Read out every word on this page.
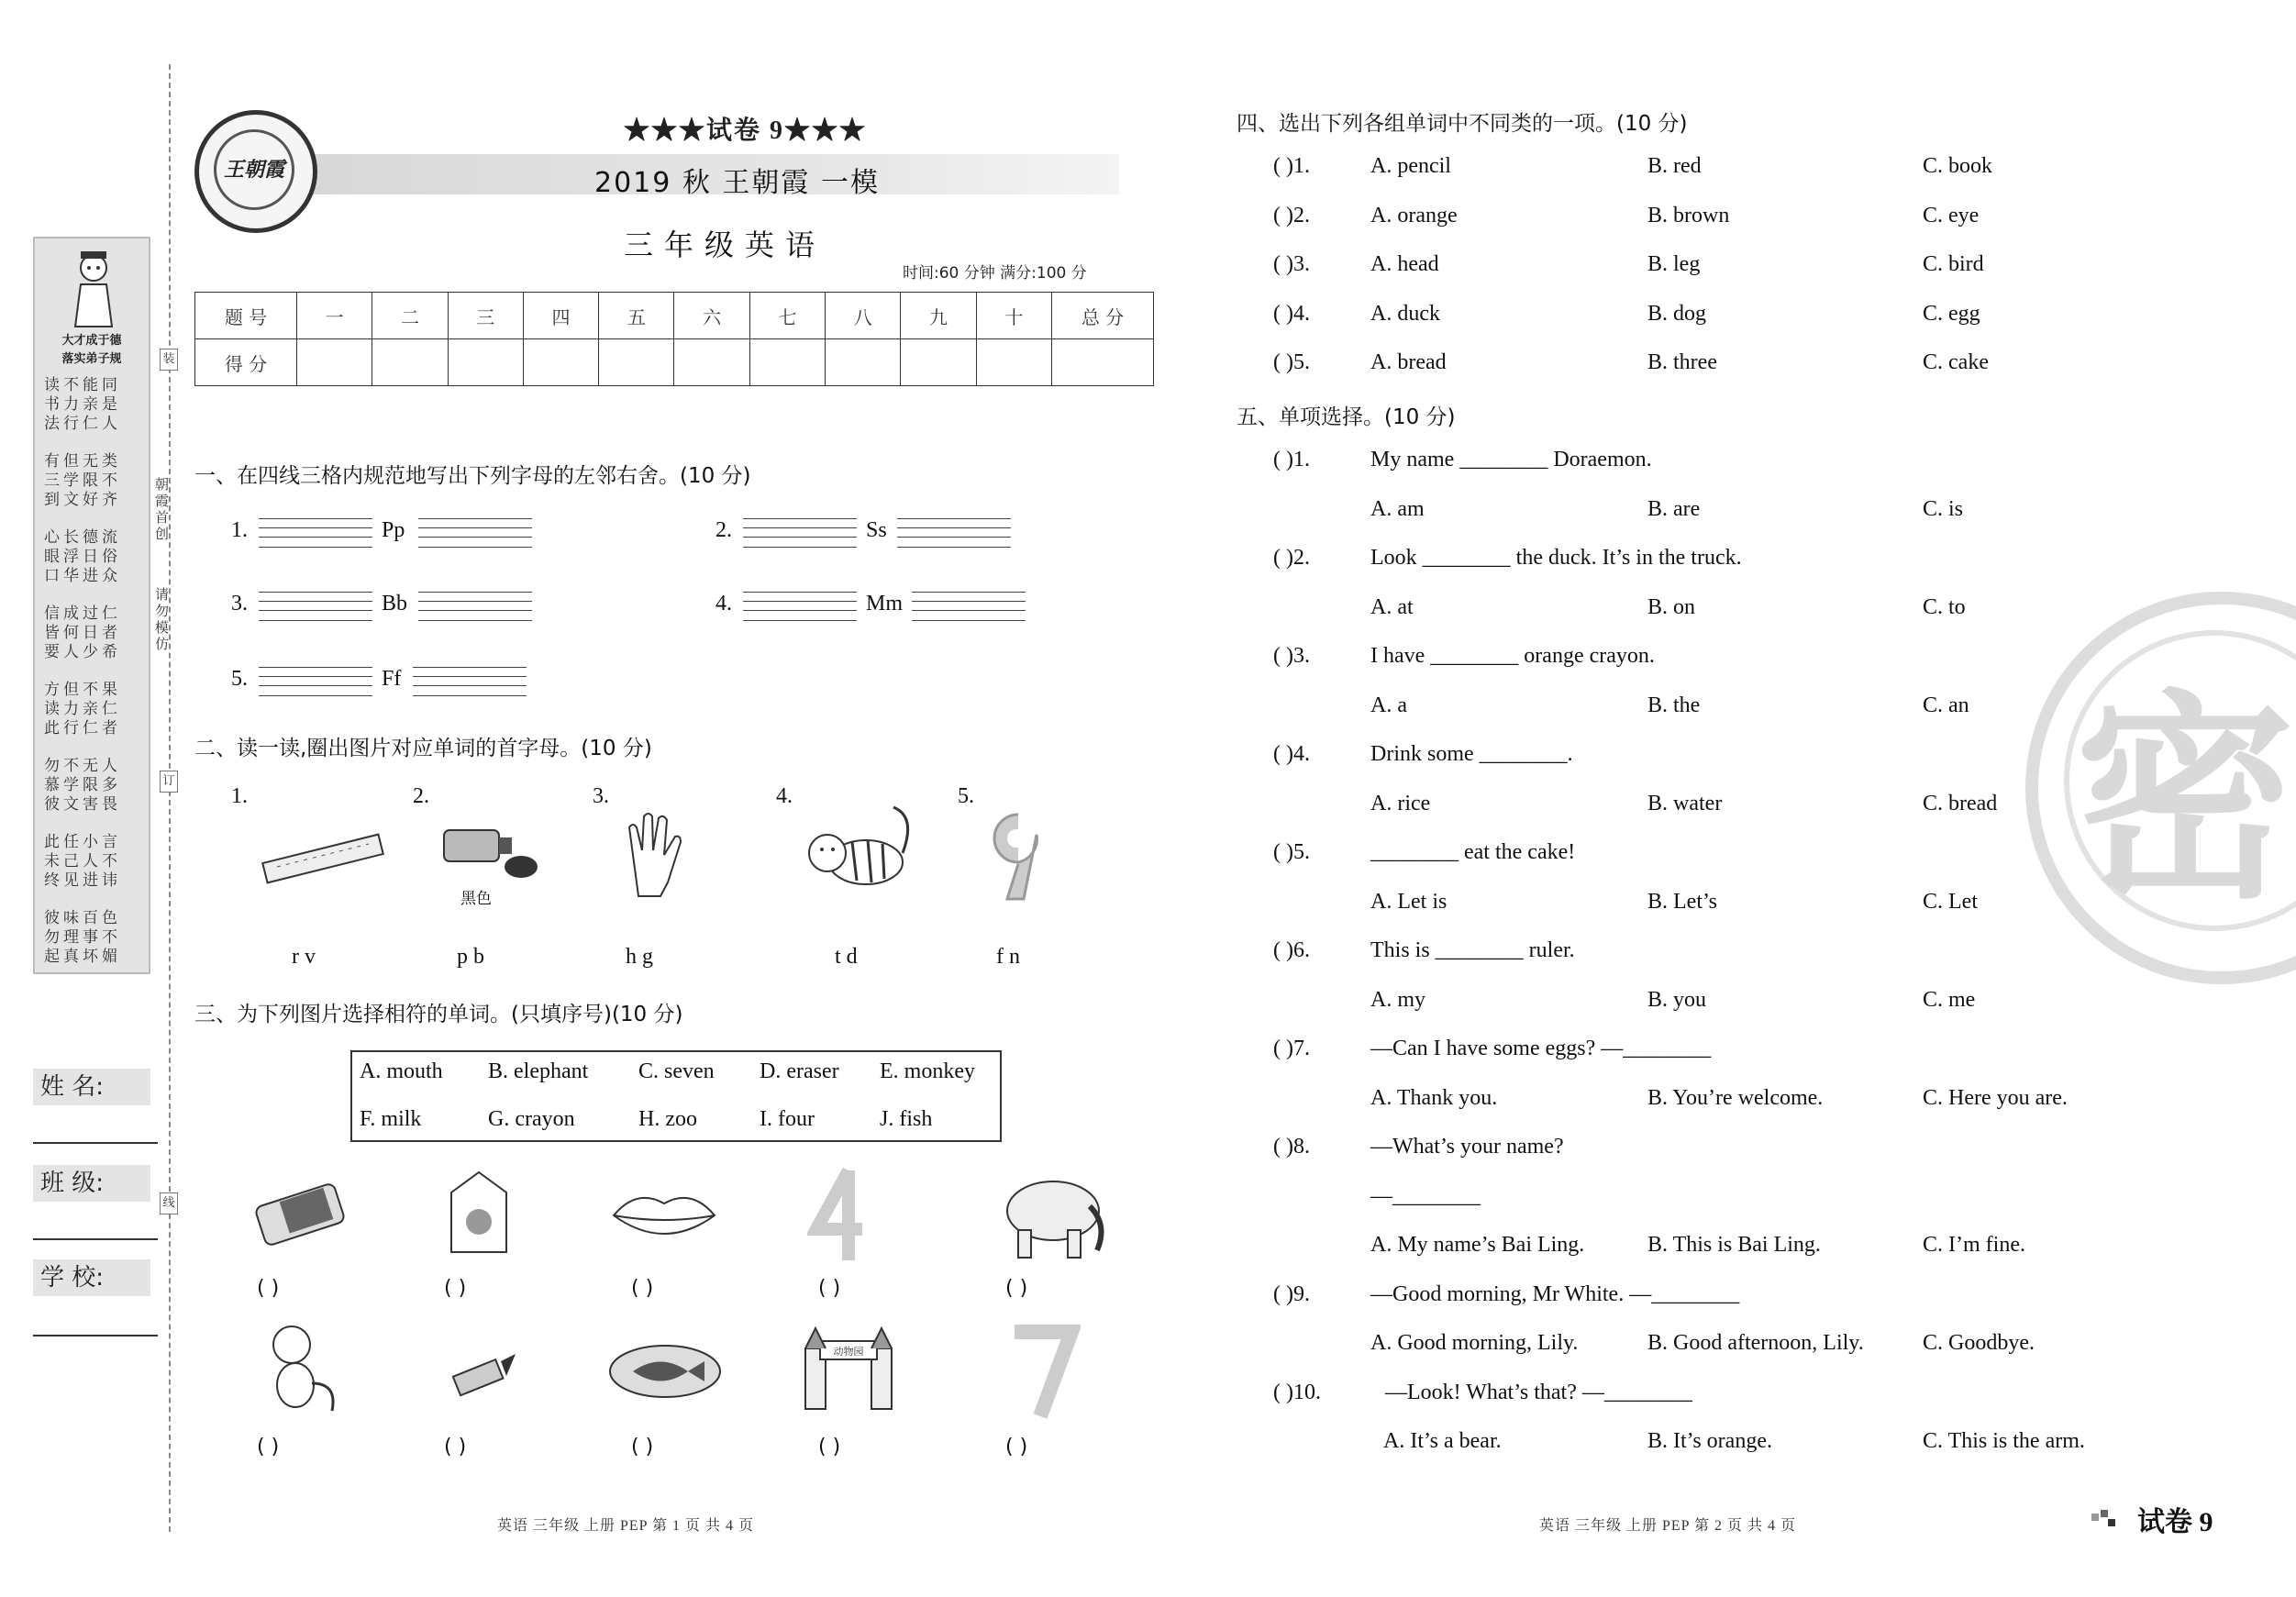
大才成于德
落实弟子规
读不能同
书力亲是
法行仁人
有但无类
三学限不
到文好齐
心长德流
眼浮日俗
口华进众
信成过仁
皆何日者
要人少希
方但不果
读力亲仁
此行仁者
勿不无人
慕学限多
彼文害畏
此任小言
未己人不
终见进讳
彼味百色
勿理事不
起真坏媚
朝霞首创
请勿模仿
装
订
线
姓 名:
班 级:
学 校:
王朝霞
★★★试卷 9★★★
2019 秋 王朝霞 一模
三年级英语
时间:60 分钟 满分:100 分
题 号	一	二	三	四	五	六	七	八	九	十	总 分
得 分											
一、在四线三格内规范地写出下列字母的左邻右舍。(10 分)
1.	Pp	2.	Ss
3.	Bb	4.	Mm
5.	Ff
二、读一读,圈出图片对应单词的首字母。(10 分)
1.
r v
2.
黑色
p b
3.
h g
4.
t d
5.
f n
三、为下列图片选择相符的单词。(只填序号)(10 分)
A. mouth B. elephant C. seven D. eraser E. monkey
F. milk	G. crayon	H. zoo	I. four	J. fish
( )	( )	( )	( )	( )
动物园
( )	( )	( )	( )	( )
英语 三年级 上册 PEP 第 1 页 共 4 页
密
四、选出下列各组单词中不同类的一项。(10 分)
( )1.	A. pencil	B. red	C. book
( )2.	A. orange	B. brown	C. eye
( )3.	A. head	B. leg	C. bird
( )4.	A. duck	B. dog	C. egg
( )5.	A. bread	B. three	C. cake
五、单项选择。(10 分)
( )1.	My name ________ Doraemon.
A. am	B. are	C. is
( )2.	Look ________ the duck. It’s in the truck.
A. at	B. on	C. to
( )3.	I have ________ orange crayon.
A. a	B. the	C. an
( )4.	Drink some ________.
A. rice	B. water	C. bread
( )5.	________ eat the cake!
A. Let is	B. Let’s	C. Let
( )6.	This is ________ ruler.
A. my	B. you	C. me
( )7.	—Can I have some eggs? —________
A. Thank you.	B. You’re welcome.	C. Here you are.
( )8.	—What’s your name?
—________
A. My name’s Bai Ling.	B. This is Bai Ling.	C. I’m fine.
( )9.	—Good morning, Mr White. —________
A. Good morning, Lily.	B. Good afternoon, Lily.	C. Goodbye.
( )10.	—Look! What’s that? —________
A. It’s a bear.	B. It’s orange.	C. This is the arm.
英语 三年级 上册 PEP 第 2 页 共 4 页	试卷 9
